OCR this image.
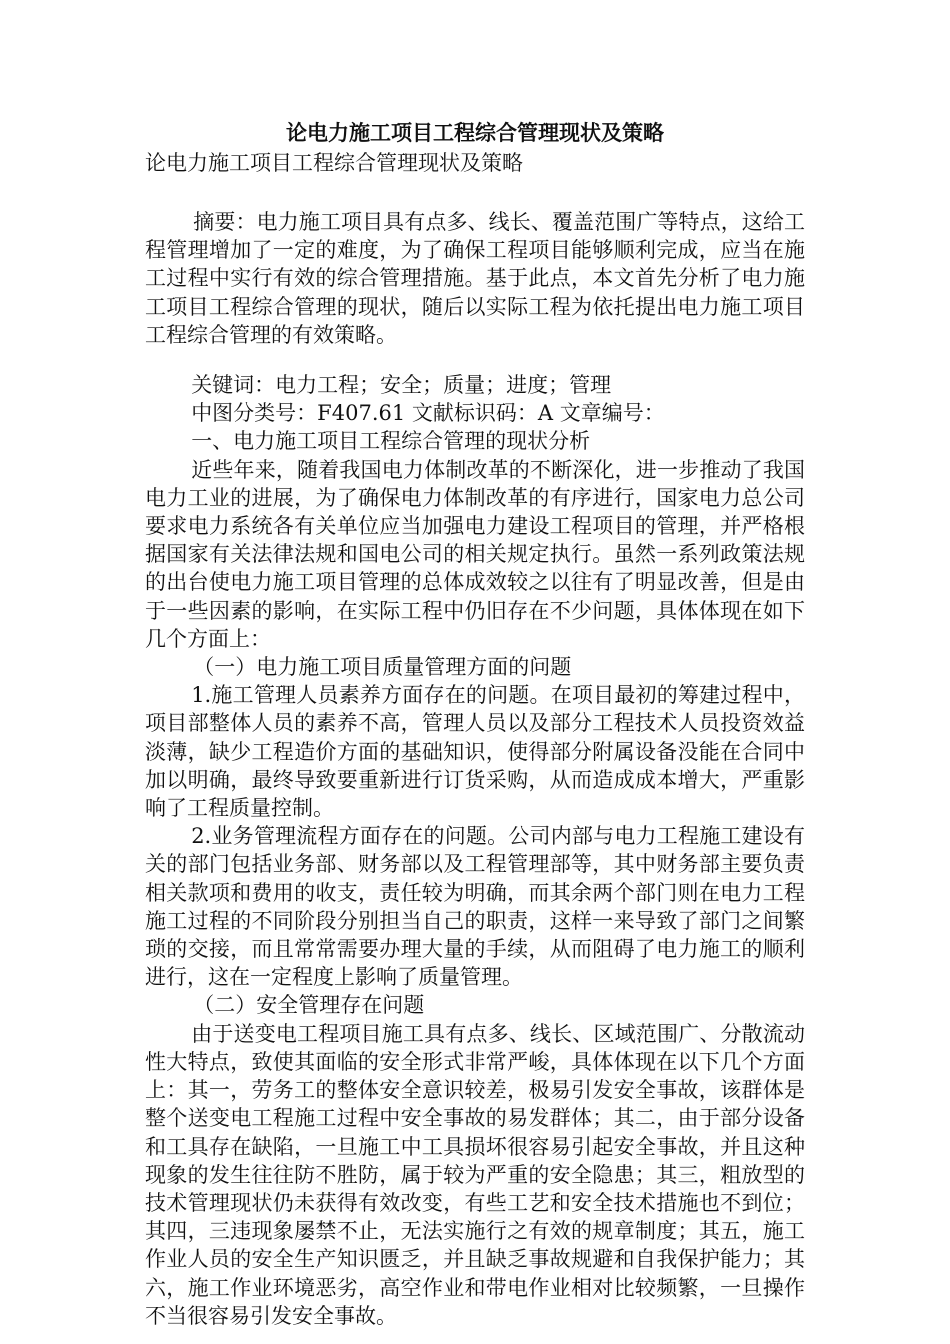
论电力施工项目工程综合管理现状及策略
论电力施工项目工程综合管理现状及策略

摘要：电力施工项目具有点多、线长、覆盖范围广等特点，这给工程管理增加了一定的难度，为了确保工程项目能够顺利完成，应当在施工过程中实行有效的综合管理措施。基于此点，本文首先分析了电力施工项目工程综合管理的现状，随后以实际工程为依托提出电力施工项目工程综合管理的有效策略。

关键词：电力工程；安全；质量；进度；管理

中图分类号：F407.61 文献标识码：A 文章编号：

一、电力施工项目工程综合管理的现状分析

近些年来，随着我国电力体制改革的不断深化，进一步推动了我国电力工业的进展，为了确保电力体制改革的有序进行，国家电力总公司要求电力系统各有关单位应当加强电力建设工程项目的管理，并严格根据国家有关法律法规和国电公司的相关规定执行。虽然一系列政策法规的出台使电力施工项目管理的总体成效较之以往有了明显改善，但是由于一些因素的影响，在实际工程中仍旧存在不少问题，具体体现在如下几个方面上：

（一）电力施工项目质量管理方面的问题

1.施工管理人员素养方面存在的问题。在项目最初的筹建过程中，项目部整体人员的素养不高，管理人员以及部分工程技术人员投资效益淡薄，缺少工程造价方面的基础知识，使得部分附属设备没能在合同中加以明确，最终导致要重新进行订货采购，从而造成成本增大，严重影响了工程质量控制。

2.业务管理流程方面存在的问题。公司内部与电力工程施工建设有关的部门包括业务部、财务部以及工程管理部等，其中财务部主要负责相关款项和费用的收支，责任较为明确，而其余两个部门则在电力工程施工过程的不同阶段分别担当自己的职责，这样一来导致了部门之间繁琐的交接，而且常常需要办理大量的手续，从而阻碍了电力施工的顺利进行，这在一定程度上影响了质量管理。

（二）安全管理存在问题

由于送变电工程项目施工具有点多、线长、区域范围广、分散流动性大特点，致使其面临的安全形式非常严峻，具体体现在以下几个方面上：其一，劳务工的整体安全意识较差，极易引发安全事故，该群体是整个送变电工程施工过程中安全事故的易发群体；其二，由于部分设备和工具存在缺陷，一旦施工中工具损坏很容易引起安全事故，并且这种现象的发生往往防不胜防，属于较为严重的安全隐患；其三，粗放型的技术管理现状仍未获得有效改变，有些工艺和安全技术措施也不到位；其四，三违现象屡禁不止，无法实施行之有效的规章制度；其五，施工作业人员的安全生产知识匮乏，并且缺乏事故规避和自我保护能力；其六，施工作业环境恶劣，高空作业和带电作业相对比较频繁，一旦操作不当很容易引发安全事故。
